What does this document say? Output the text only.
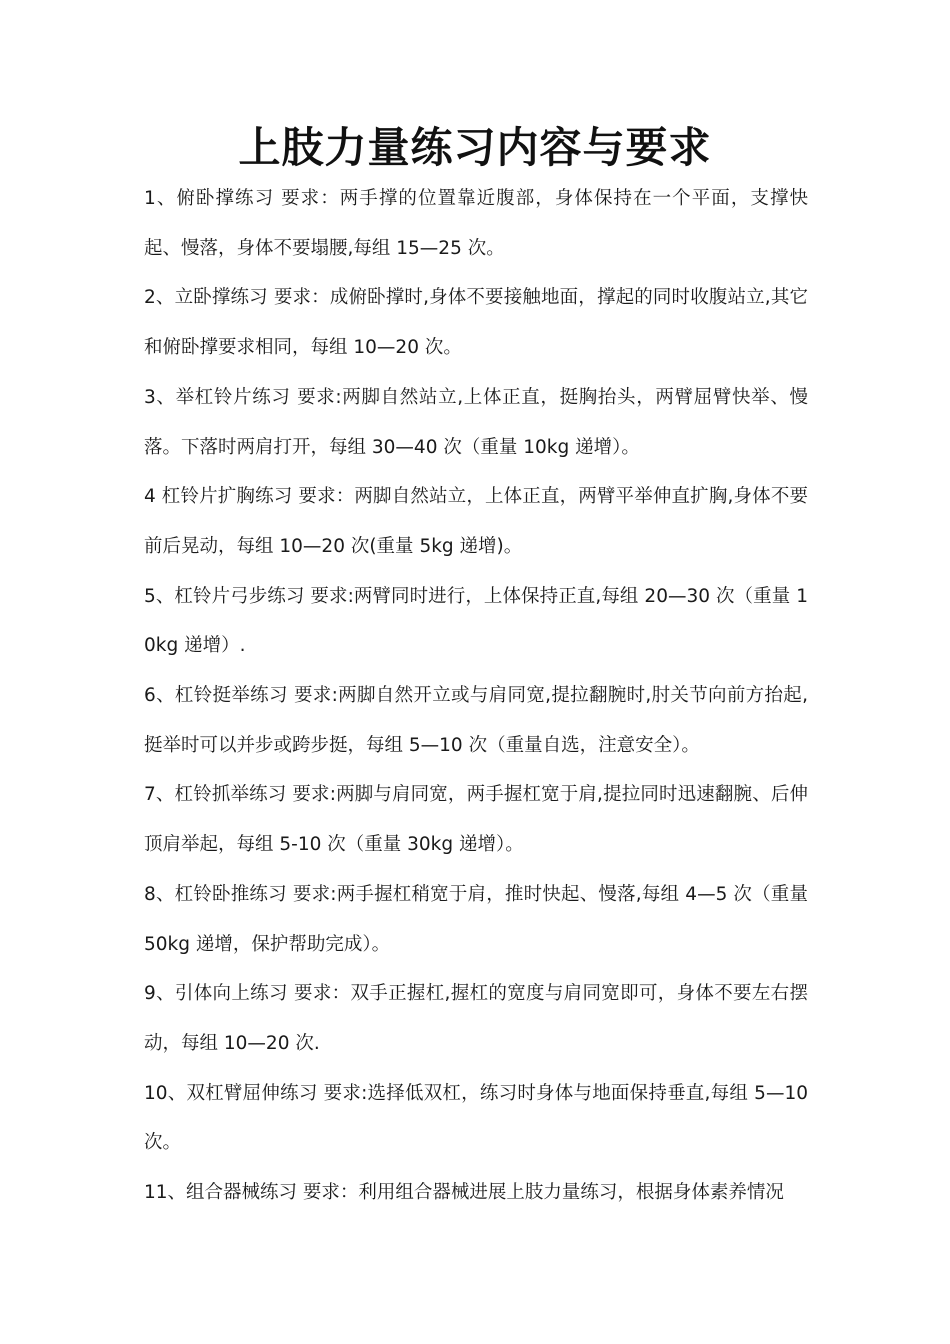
上肢力量练习内容与要求

1、俯卧撑练习 要求：两手撑的位置靠近腹部，身体保持在一个平面，支撑快起、慢落，身体不要塌腰,每组 15—25 次。

2、立卧撑练习 要求：成俯卧撑时,身体不要接触地面，撑起的同时收腹站立,其它和俯卧撑要求相同，每组 10—20 次。

3、举杠铃片练习 要求:两脚自然站立,上体正直，挺胸抬头，两臂屈臂快举、慢落。下落时两肩打开，每组 30—40 次（重量 10kg 递增）。

4 杠铃片扩胸练习 要求：两脚自然站立，上体正直，两臂平举伸直扩胸,身体不要前后晃动，每组 10—20 次(重量 5kg 递增)。

5、杠铃片弓步练习 要求:两臂同时进行，上体保持正直,每组 20—30 次（重量 10kg 递增）.

6、杠铃挺举练习 要求:两脚自然开立或与肩同宽,提拉翻腕时,肘关节向前方抬起,挺举时可以并步或跨步挺，每组 5—10 次（重量自选，注意安全）。

7、杠铃抓举练习 要求:两脚与肩同宽，两手握杠宽于肩,提拉同时迅速翻腕、后伸顶肩举起，每组 5-10 次（重量 30kg 递增）。

8、杠铃卧推练习 要求:两手握杠稍宽于肩，推时快起、慢落,每组 4—5 次（重量 50kg 递增，保护帮助完成）。

9、引体向上练习 要求：双手正握杠,握杠的宽度与肩同宽即可，身体不要左右摆动，每组 10—20 次.

10、双杠臂屈伸练习 要求:选择低双杠，练习时身体与地面保持垂直,每组 5—10 次。

11、组合器械练习 要求：利用组合器械进展上肢力量练习，根据身体素养情况
